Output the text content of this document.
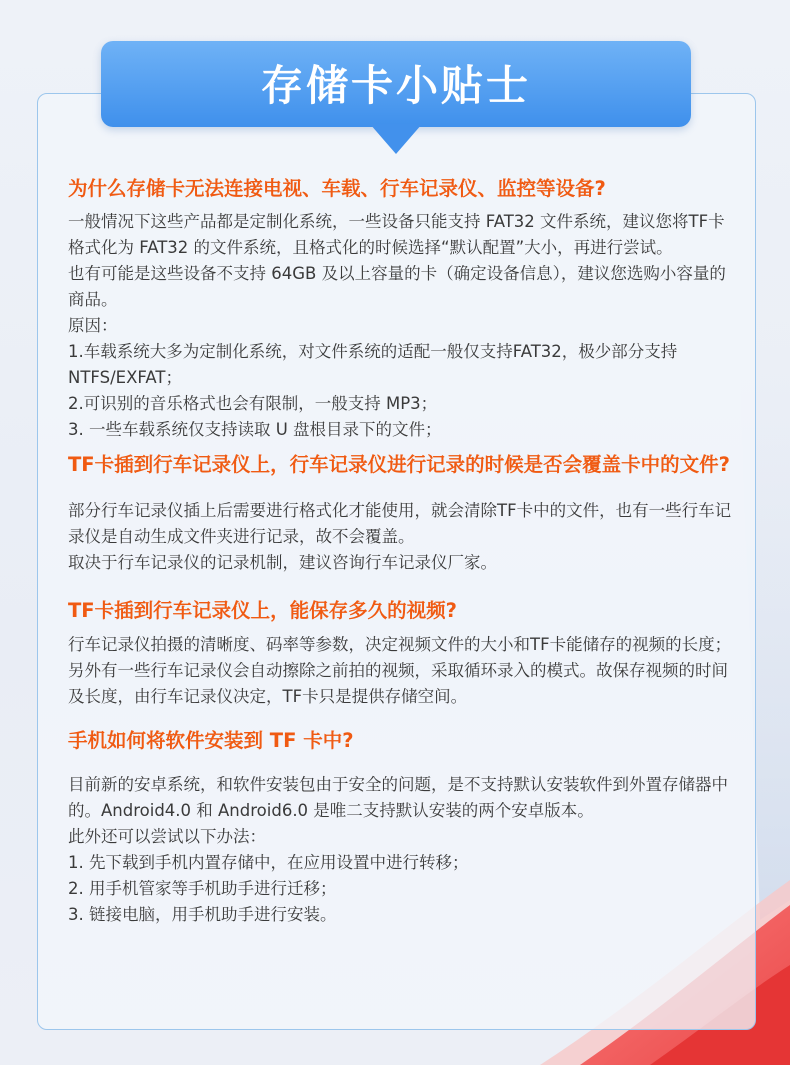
存储卡小贴士

为什么存储卡无法连接电视、车载、行车记录仪、监控等设备?

一般情况下这些产品都是定制化系统，一些设备只能支持 FAT32 文件系统，建议您将TF卡格式化为 FAT32 的文件系统，且格式化的时候选择“默认配置”大小，再进行尝试。

也有可能是这些设备不支持 64GB 及以上容量的卡（确定设备信息），建议您选购小容量的商品。

原因：

1.车载系统大多为定制化系统，对文件系统的适配一般仅支持FAT32，极少部分支持NTFS/EXFAT；

2.可识别的音乐格式也会有限制，一般支持 MP3；

3. 一些车载系统仅支持读取 U 盘根目录下的文件；

TF卡插到行车记录仪上，行车记录仪进行记录的时候是否会覆盖卡中的文件?

部分行车记录仪插上后需要进行格式化才能使用，就会清除TF卡中的文件，也有一些行车记录仪是自动生成文件夹进行记录，故不会覆盖。

取决于行车记录仪的记录机制，建议咨询行车记录仪厂家。

TF卡插到行车记录仪上，能保存多久的视频?

行车记录仪拍摄的清晰度、码率等参数，决定视频文件的大小和TF卡能储存的视频的长度；另外有一些行车记录仪会自动擦除之前拍的视频，采取循环录入的模式。故保存视频的时间及长度，由行车记录仪决定，TF卡只是提供存储空间。

手机如何将软件安装到 TF 卡中?

目前新的安卓系统，和软件安装包由于安全的问题，是不支持默认安装软件到外置存储器中的。Android4.0 和 Android6.0 是唯二支持默认安装的两个安卓版本。

此外还可以尝试以下办法：

1. 先下载到手机内置存储中，在应用设置中进行转移；

2. 用手机管家等手机助手进行迁移；

3. 链接电脑，用手机助手进行安装。
